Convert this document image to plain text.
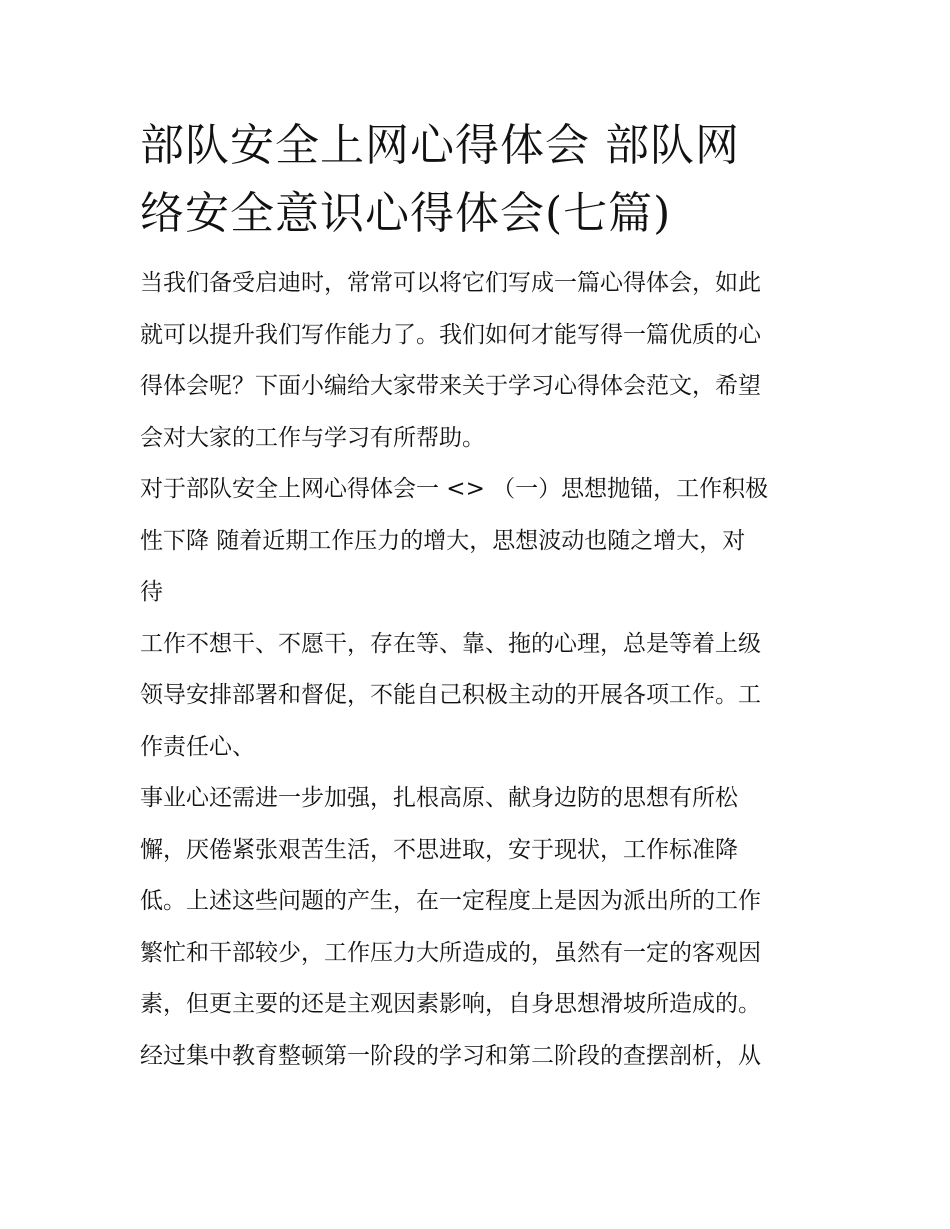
部队安全上网心得体会 部队网
络安全意识心得体会(七篇)
当我们备受启迪时，常常可以将它们写成一篇心得体会，如此
就可以提升我们写作能力了。我们如何才能写得一篇优质的心
得体会呢？下面小编给大家带来关于学习心得体会范文，希望
会对大家的工作与学习有所帮助。
对于部队安全上网心得体会一 <> （一）思想抛锚，工作积极
性下降 随着近期工作压力的增大，思想波动也随之增大，对
待
工作不想干、不愿干，存在等、靠、拖的心理，总是等着上级
领导安排部署和督促，不能自己积极主动的开展各项工作。工
作责任心、
事业心还需进一步加强，扎根高原、献身边防的思想有所松
懈，厌倦紧张艰苦生活，不思进取，安于现状，工作标准降
低。上述这些问题的产生，在一定程度上是因为派出所的工作
繁忙和干部较少，工作压力大所造成的，虽然有一定的客观因
素，但更主要的还是主观因素影响，自身思想滑坡所造成的。
经过集中教育整顿第一阶段的学习和第二阶段的查摆剖析，从
